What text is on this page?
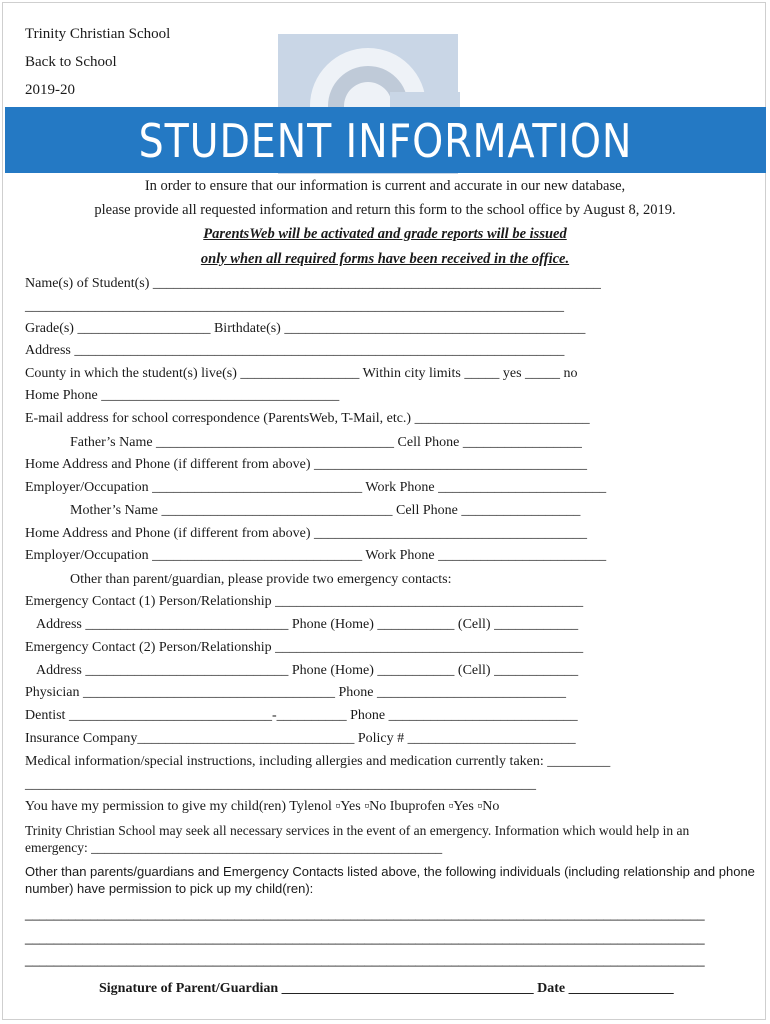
Trinity Christian School
Back to School
2019-20
STUDENT INFORMATION
In order to ensure that our information is current and accurate in our new database,
please provide all requested information and return this form to the school office by August 8, 2019.
ParentsWeb will be activated and grade reports will be issued
only when all required forms have been received in the office.
Name(s) of Student(s) ________________________________________________________________
_____________________________________________________________________________
Grade(s) ___________________ Birthdate(s) ___________________________________________
Address ______________________________________________________________________
County in which the student(s) live(s) _________________ Within city limits _____ yes _____ no
Home Phone __________________________________
E-mail address for school correspondence (ParentsWeb, T-Mail, etc.) _________________________
Father’s Name __________________________________ Cell Phone _________________
Home Address and Phone (if different from above) _______________________________________
Employer/Occupation ______________________________ Work Phone ________________________
Mother’s Name _________________________________ Cell Phone _________________
Home Address and Phone (if different from above) _______________________________________
Employer/Occupation ______________________________ Work Phone ________________________
Other than parent/guardian, please provide two emergency contacts:
Emergency Contact (1) Person/Relationship ____________________________________________
Address _____________________________ Phone (Home) ___________ (Cell) ____________
Emergency Contact (2) Person/Relationship ____________________________________________
Address _____________________________ Phone (Home) ___________ (Cell) ____________
Physician ____________________________________ Phone ___________________________
Dentist _____________________________-__________ Phone ___________________________
Insurance Company_______________________________ Policy # ________________________
Medical information/special instructions, including allergies and medication currently taken: _________
_________________________________________________________________________
You have my permission to give my child(ren) Tylenol ▫Yes ▫No Ibuprofen ▫Yes ▫No
Trinity Christian School may seek all necessary services in the event of an emergency. Information which would help in an
emergency: ____________________________________________________
Other than parents/guardians and Emergency Contacts listed above, the following individuals (including relationship and phone
number) have permission to pick up my child(ren):
______________________________________________________________________________________________
______________________________________________________________________________________________
______________________________________________________________________________________________
Signature of Parent/Guardian ____________________________________ Date _______________
